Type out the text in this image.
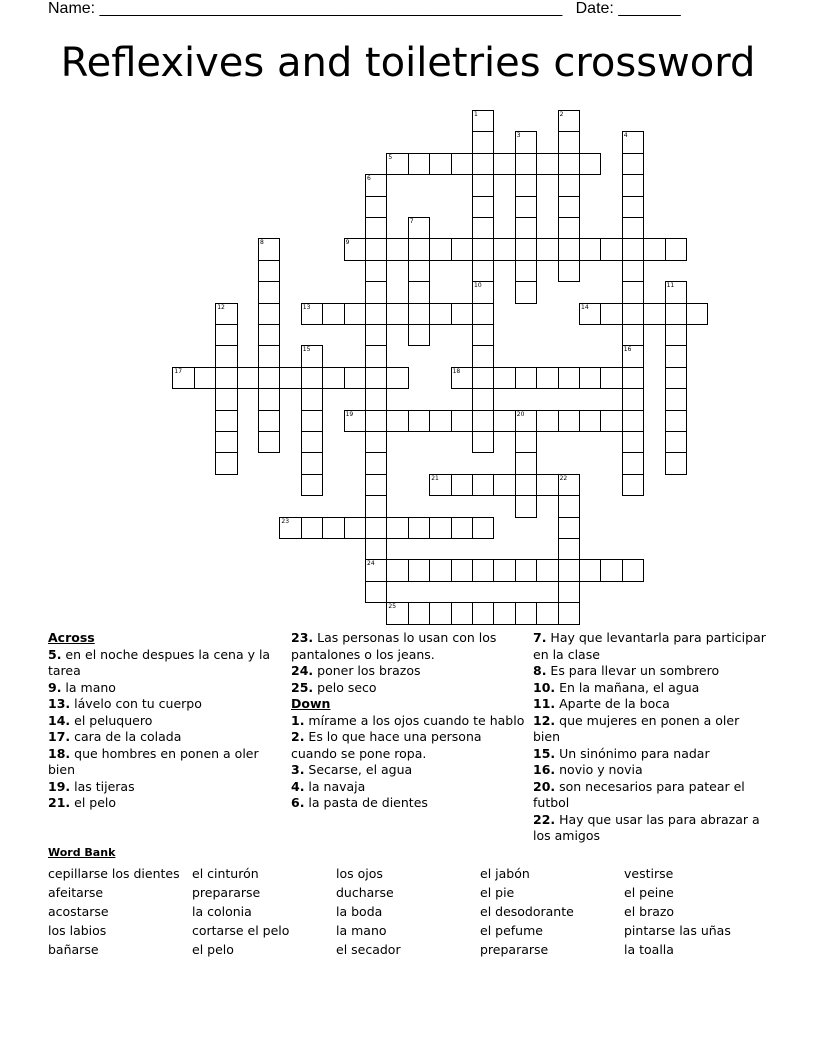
Name: ____________________________________________________   Date: _______
Reflexives and toiletries crossword
5
9
13	14
17	18
19	20
21	22
23
24
25
1
10
2
3	4
16
6
7
8
11
12
15
Across
5. en el noche despues la cena y la tarea
9. la mano
13. lávelo con tu cuerpo
14. el peluquero
17. cara de la colada
18. que hombres en ponen a oler bien
19. las tijeras
21. el pelo
23. Las personas lo usan con los pantalones o los jeans.
24. poner los brazos
25. pelo seco
Down
1. mírame a los ojos cuando te hablo
2. Es lo que hace una persona cuando se pone ropa.
3. Secarse, el agua
4. la navaja
6. la pasta de dientes
7. Hay que levantarla para participar en la clase
8. Es para llevar un sombrero
10. En la mañana, el agua
11. Aparte de la boca
12. que mujeres en ponen a oler bien
15. Un sinónimo para nadar
16. novio y novia
20. son necesarios para patear el futbol
22. Hay que usar las para abrazar a los amigos
Word Bank
cepillarse los dientes
afeitarse
acostarse
los labios
bañarse
el cinturón
prepararse
la colonia
cortarse el pelo
el pelo
los ojos
ducharse
la boda
la mano
el secador
el jabón
el pie
el desodorante
el pefume
prepararse
vestirse
el peine
el brazo
pintarse las uñas
la toalla
